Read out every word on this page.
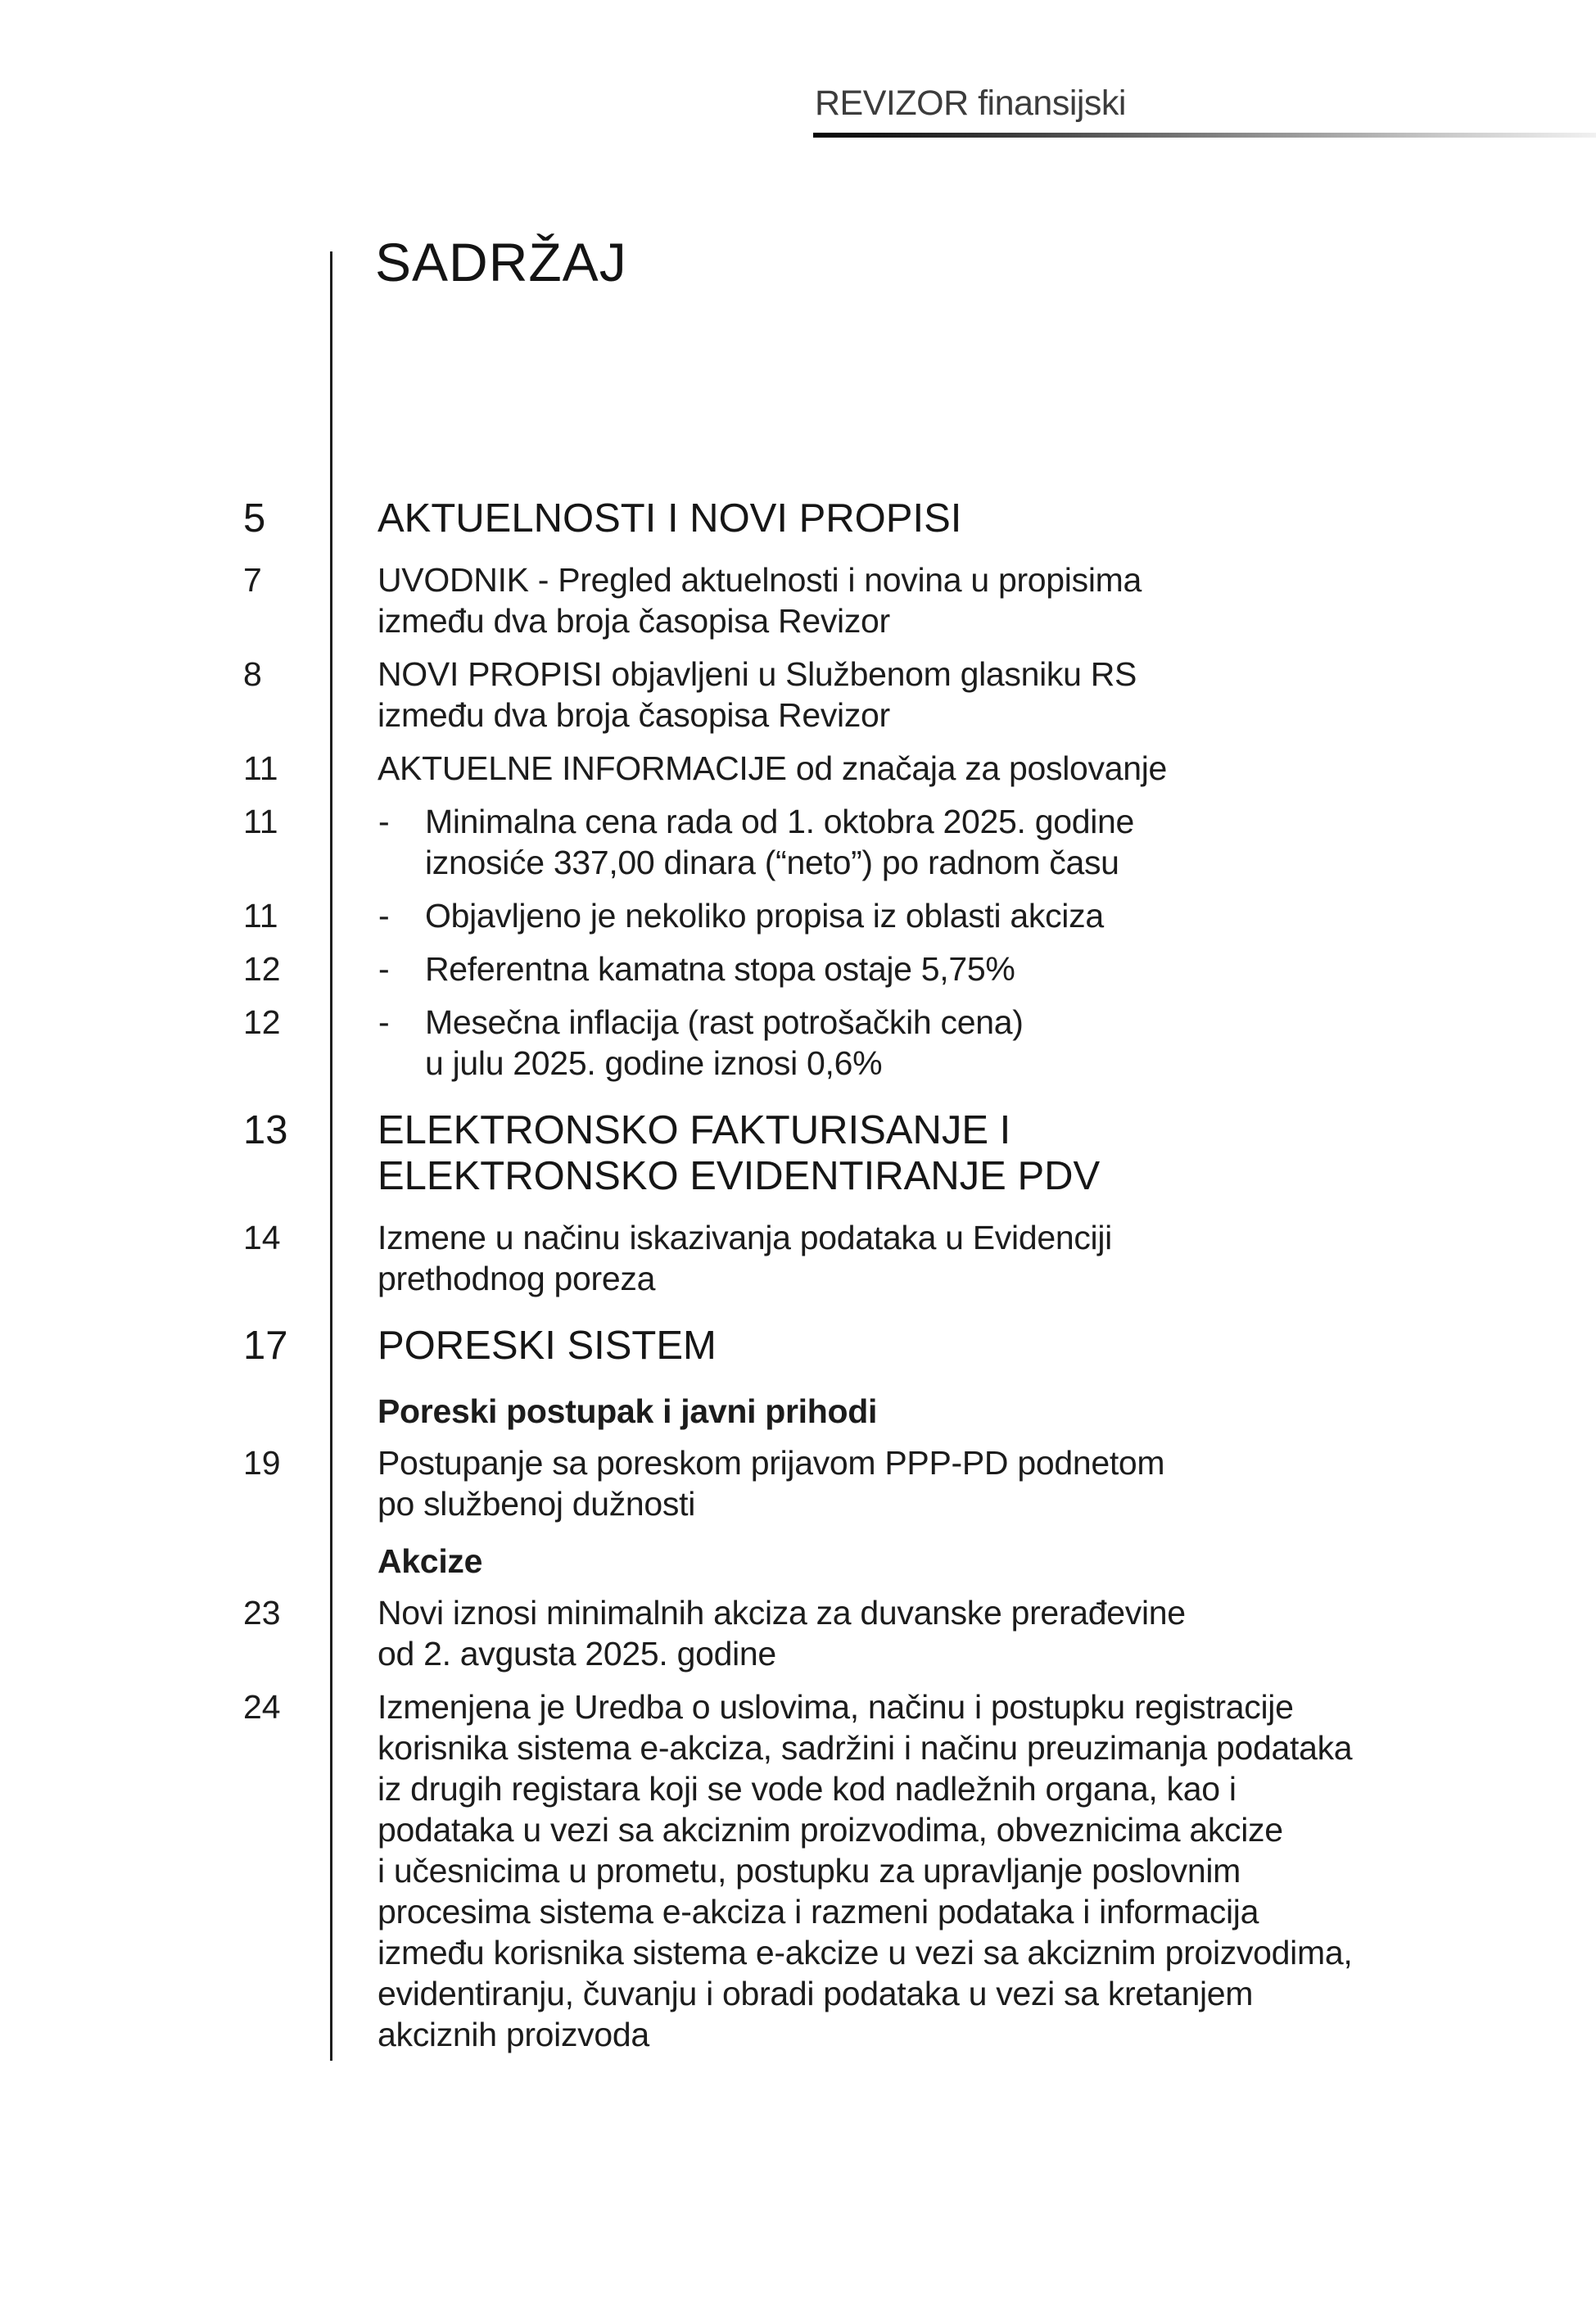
REVIZOR finansijski
SADRŽAJ
5	AKTUELNOSTI I NOVI PROPISI
7	UVODNIK - Pregled aktuelnosti i novina u propisima
između dva broja časopisa Revizor
8	NOVI PROPISI objavljeni u Službenom glasniku RS
između dva broja časopisa Revizor
11	AKTUELNE INFORMACIJE od značaja za poslovanje
11	-	Minimalna cena rada od 1. oktobra 2025. godine
iznosiće 337,00 dinara (“neto”) po radnom času
11	-	Objavljeno je nekoliko propisa iz oblasti akciza
12	-	Referentna kamatna stopa ostaje 5,75%
12	-	Mesečna inflacija (rast potrošačkih cena)
u julu 2025. godine iznosi 0,6%
13 ELEKTRONSKO FAKTURISANJE I
ELEKTRONSKO EVIDENTIRANJE PDV
14	Izmene u načinu iskazivanja podataka u Evidenciji
prethodnog poreza
17 PORESKI SISTEM
Poreski postupak i javni prihodi
19	Postupanje sa poreskom prijavom PPP-PD podnetom
po službenoj dužnosti
Akcize
23	Novi iznosi minimalnih akciza za duvanske prerađevine
od 2. avgusta 2025. godine
24	Izmenjena je Uredba o uslovima, načinu i postupku registracije
korisnika sistema e-akciza, sadržini i načinu preuzimanja podataka
iz drugih registara koji se vode kod nadležnih organa, kao i
podataka u vezi sa akciznim proizvodima, obveznicima akcize
i učesnicima u prometu, postupku za upravljanje poslovnim
procesima sistema e-akciza i razmeni podataka i informacija
između korisnika sistema e-akcize u vezi sa akciznim proizvodima,
evidentiranju, čuvanju i obradi podataka u vezi sa kretanjem
akciznih proizvoda
